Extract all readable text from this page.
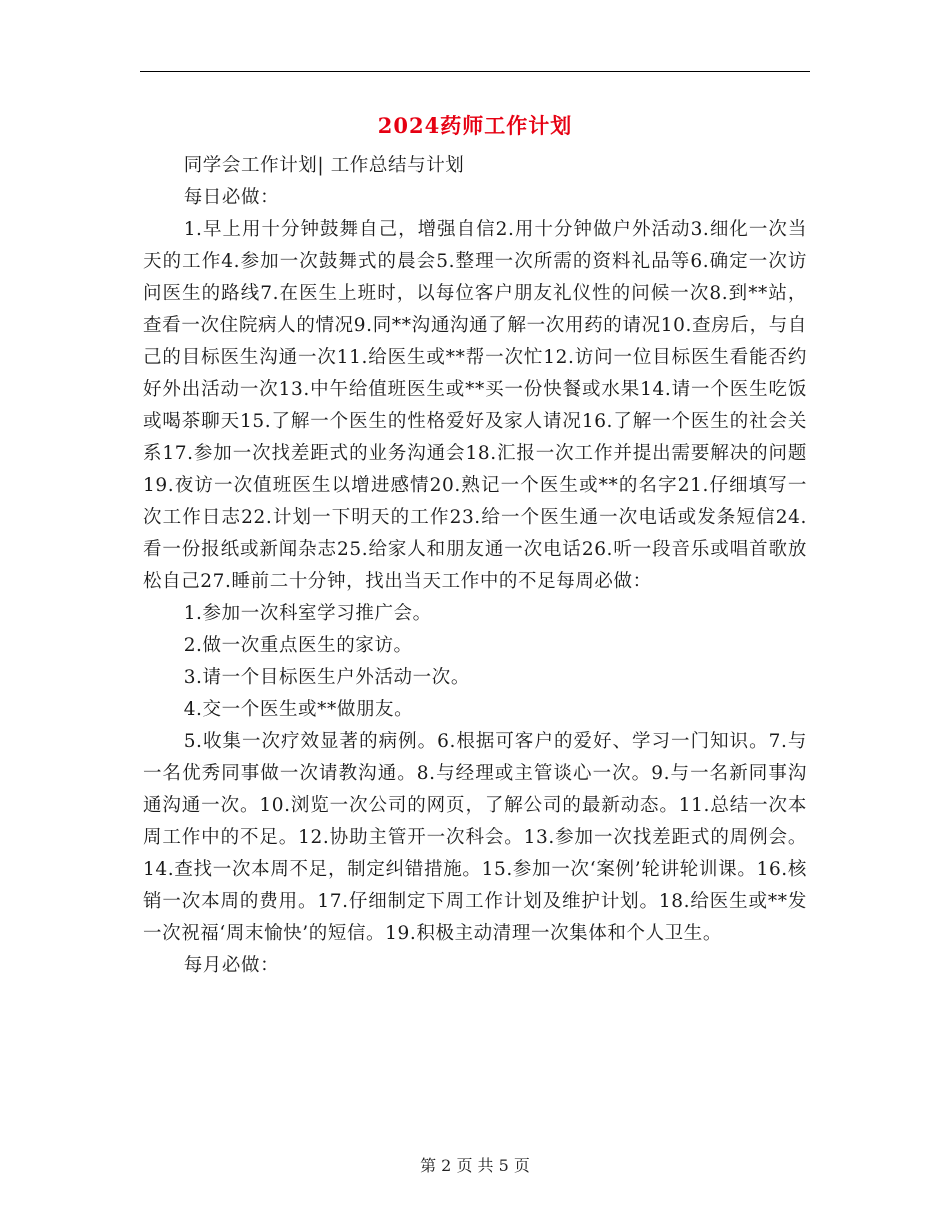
2024药师工作计划

同学会工作计划| 工作总结与计划

每日必做：

1.早上用十分钟鼓舞自己，增强自信2.用十分钟做户外活动3.细化一次当天的工作4.参加一次鼓舞式的晨会5.整理一次所需的资料礼品等6.确定一次访问医生的路线7.在医生上班时，以每位客户朋友礼仪性的问候一次8.到**站，查看一次住院病人的情况9.同**沟通沟通了解一次用药的请况10.查房后，与自己的目标医生沟通一次11.给医生或**帮一次忙12.访问一位目标医生看能否约好外出活动一次13.中午给值班医生或**买一份快餐或水果14.请一个医生吃饭或喝茶聊天15.了解一个医生的性格爱好及家人请况16.了解一个医生的社会关系17.参加一次找差距式的业务沟通会18.汇报一次工作并提出需要解决的问题19.夜访一次值班医生以增进感情20.熟记一个医生或**的名字21.仔细填写一次工作日志22.计划一下明天的工作23.给一个医生通一次电话或发条短信24.看一份报纸或新闻杂志25.给家人和朋友通一次电话26.听一段音乐或唱首歌放松自己27.睡前二十分钟，找出当天工作中的不足每周必做：

1.参加一次科室学习推广会。

2.做一次重点医生的家访。

3.请一个目标医生户外活动一次。

4.交一个医生或**做朋友。

5.收集一次疗效显著的病例。6.根据可客户的爱好、学习一门知识。7.与一名优秀同事做一次请教沟通。8.与经理或主管谈心一次。9.与一名新同事沟通沟通一次。10.浏览一次公司的网页，了解公司的最新动态。11.总结一次本周工作中的不足。12.协助主管开一次科会。13.参加一次找差距式的周例会。14.查找一次本周不足，制定纠错措施。15.参加一次‘案例’轮讲轮训课。16.核销一次本周的费用。17.仔细制定下周工作计划及维护计划。18.给医生或**发一次祝福‘周末愉快’的短信。19.积极主动清理一次集体和个人卫生。

每月必做：

第 2 页 共 5 页
